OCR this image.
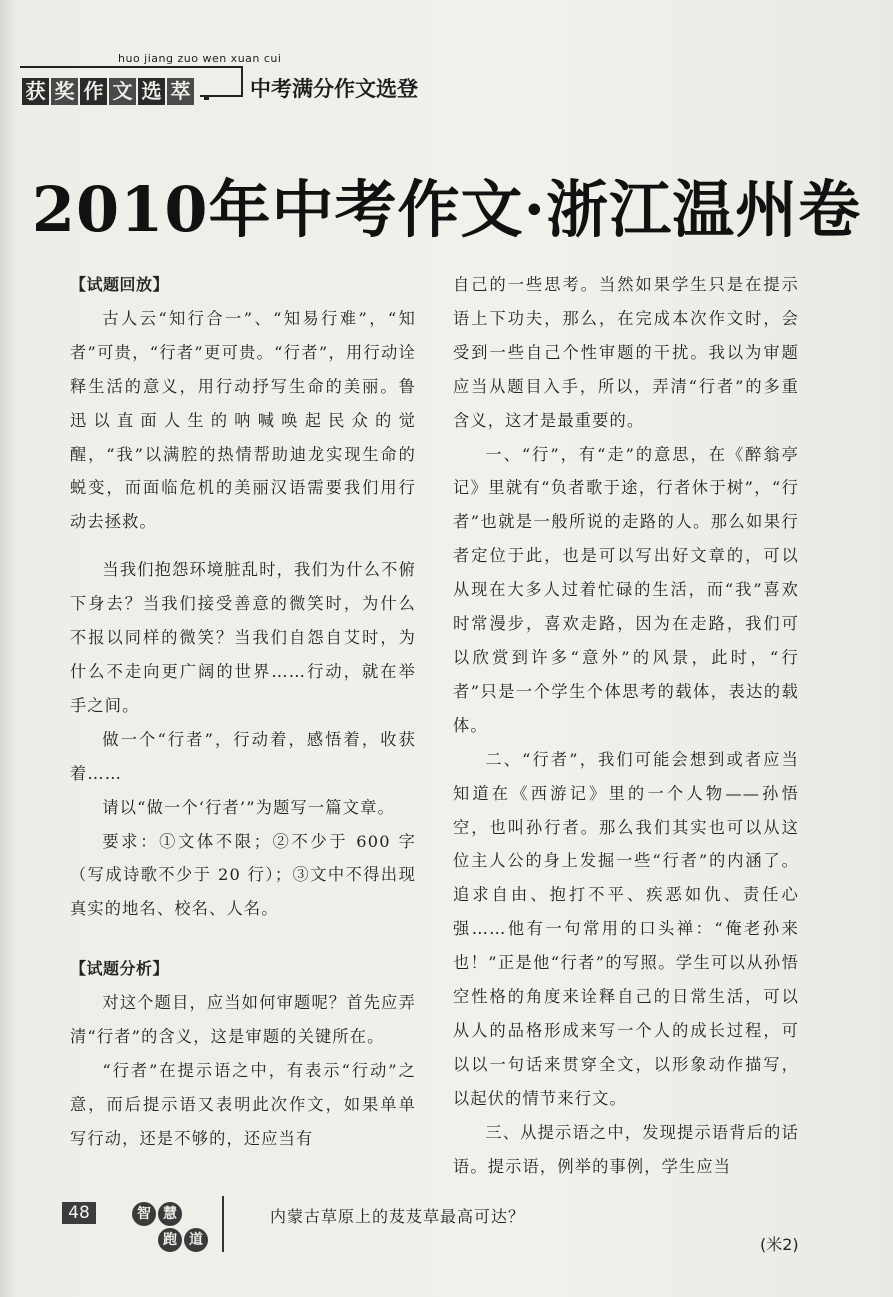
huo jiang zuo wen xuan cui
获 奖 作 文 选 萃	中考满分作文选登
2010年中考作文·浙江温州卷
【试题回放】

古人云“知行合一”、“知易行难”，“知者”可贵，“行者”更可贵。“行者”，用行动诠释生活的意义，用行动抒写生命的美丽。鲁迅以直面人生的呐喊唤起民众的觉醒，“我”以满腔的热情帮助迪龙实现生命的蜕变，而面临危机的美丽汉语需要我们用行动去拯救。

当我们抱怨环境脏乱时，我们为什么不俯下身去？当我们接受善意的微笑时，为什么不报以同样的微笑？当我们自怨自艾时，为什么不走向更广阔的世界……行动，就在举手之间。

做一个“行者”，行动着，感悟着，收获着……

请以“做一个‘行者’”为题写一篇文章。

要求：①文体不限；②不少于 600 字（写成诗歌不少于 20 行）；③文中不得出现真实的地名、校名、人名。

【试题分析】

对这个题目，应当如何审题呢？首先应弄清“行者”的含义，这是审题的关键所在。

“行者”在提示语之中，有表示“行动”之意，而后提示语又表明此次作文，如果单单写行动，还是不够的，还应当有

自己的一些思考。当然如果学生只是在提示语上下功夫，那么，在完成本次作文时，会受到一些自己个性审题的干扰。我以为审题应当从题目入手，所以，弄清“行者”的多重含义，这才是最重要的。

一、“行”，有“走”的意思，在《醉翁亭记》里就有“负者歌于途，行者休于树”，“行者”也就是一般所说的走路的人。那么如果行者定位于此，也是可以写出好文章的，可以从现在大多人过着忙碌的生活，而“我”喜欢时常漫步，喜欢走路，因为在走路，我们可以欣赏到许多“意外”的风景，此时，“行者”只是一个学生个体思考的载体，表达的载体。

二、“行者”，我们可能会想到或者应当知道在《西游记》里的一个人物——孙悟空，也叫孙行者。那么我们其实也可以从这位主人公的身上发掘一些“行者”的内涵了。追求自由、抱打不平、疾恶如仇、责任心强……他有一句常用的口头禅：“俺老孙来也！”正是他“行者”的写照。学生可以从孙悟空性格的角度来诠释自己的日常生活，可以从人的品格形成来写一个人的成长过程，可以以一句话来贯穿全文，以形象动作描写，以起伏的情节来行文。

三、从提示语之中，发现提示语背后的话语。提示语，例举的事例，学生应当

48	智 慧
跑 道
内蒙古草原上的芨芨草最高可达？
(米2)
